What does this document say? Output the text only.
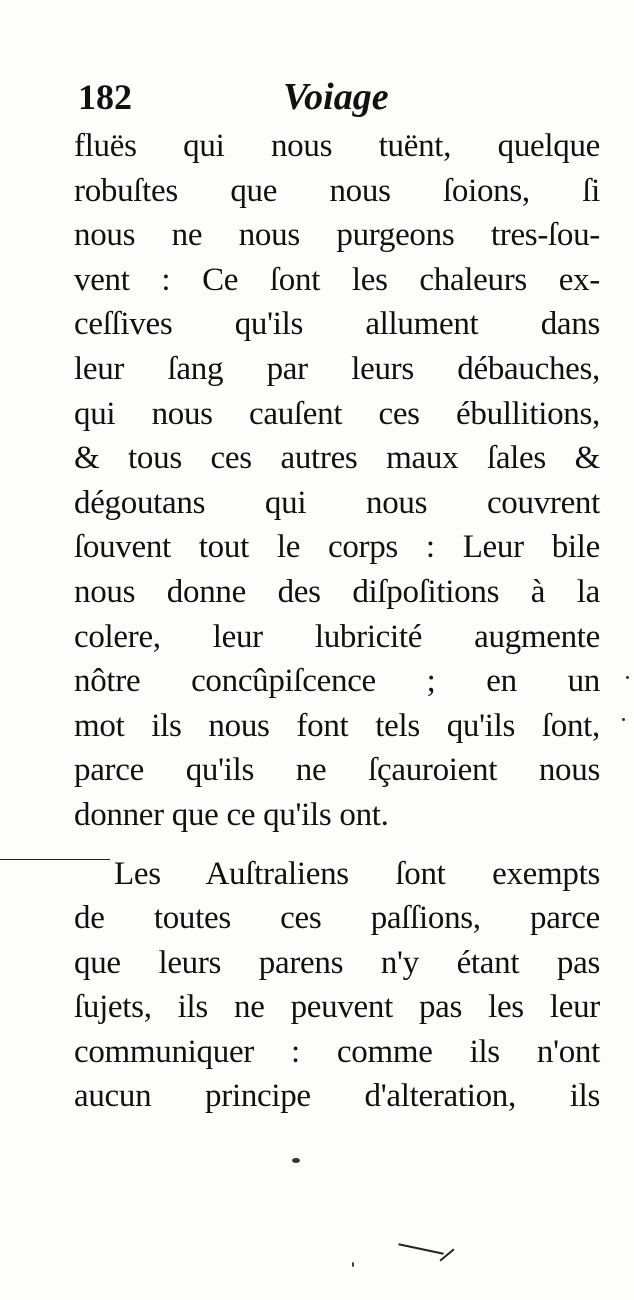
182	Voiage
fluës qui nous tuënt, quelque
robuſtes que nous ſoions, ſi
nous ne nous purgeons tres-ſou-
vent : Ce ſont les chaleurs ex-
ceſſives qu'ils allument dans
leur ſang par leurs débauches,
qui nous cauſent ces ébullitions,
& tous ces autres maux ſales &
dégoutans qui nous couvrent
ſouvent tout le corps : Leur bile
nous donne des diſpoſitions à la
colere, leur lubricité augmente
nôtre concûpiſcence ; en un
mot ils nous font tels qu'ils ſont,
parce qu'ils ne ſçauroient nous
donner que ce qu'ils ont.
Les Auſtraliens ſont exempts
de toutes ces paſſions, parce
que leurs parens n'y étant pas
ſujets, ils ne peuvent pas les leur
communiquer : comme ils n'ont
aucun principe d'alteration, ils
